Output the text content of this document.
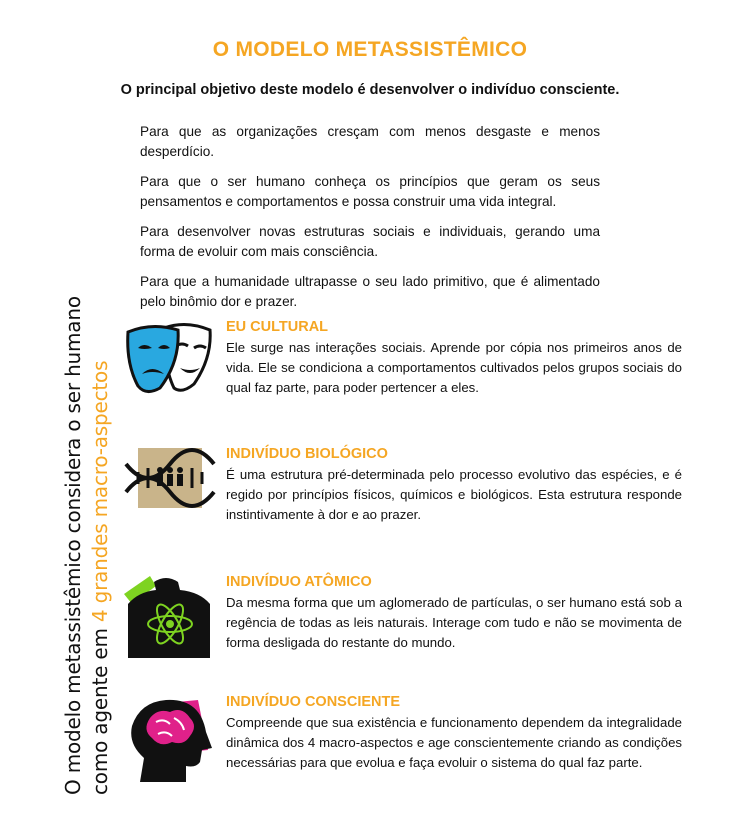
O MODELO METASSISTÊMICO
O principal objetivo deste modelo é desenvolver o indivíduo consciente.

Para que as organizações cresçam com menos desgaste e menos desperdício.

Para que o ser humano conheça os princípios que geram os seus pensamentos e comportamentos e possa construir uma vida integral.

Para desenvolver novas estruturas sociais e individuais, gerando uma forma de evoluir com mais consciência.

Para que a humanidade ultrapasse o seu lado primitivo, que é alimentado pelo binômio dor e prazer.

O modelo metassistêmico considera o ser humano como agente em 4 grandes macro-aspectos
EU CULTURAL

Ele surge nas interações sociais. Aprende por cópia nos primeiros anos de vida. Ele se condiciona a comportamentos cultivados pelos grupos sociais do qual faz parte, para poder pertencer a eles.

INDIVÍDUO BIOLÓGICO

É uma estrutura pré-determinada pelo processo evolutivo das espécies, e é regido por princípios físicos, químicos e biológicos. Esta estrutura responde instintivamente à dor e ao prazer.

INDIVÍDUO ATÔMICO

Da mesma forma que um aglomerado de partículas, o ser humano está sob a regência de todas as leis naturais. Interage com tudo e não se movimenta de forma desligada do restante do mundo.

INDIVÍDUO CONSCIENTE

Compreende que sua existência e funcionamento dependem da integralidade dinâmica dos 4 macro-aspectos e age conscientemente criando as condições necessárias para que evolua e faça evoluir o sistema do qual faz parte.
